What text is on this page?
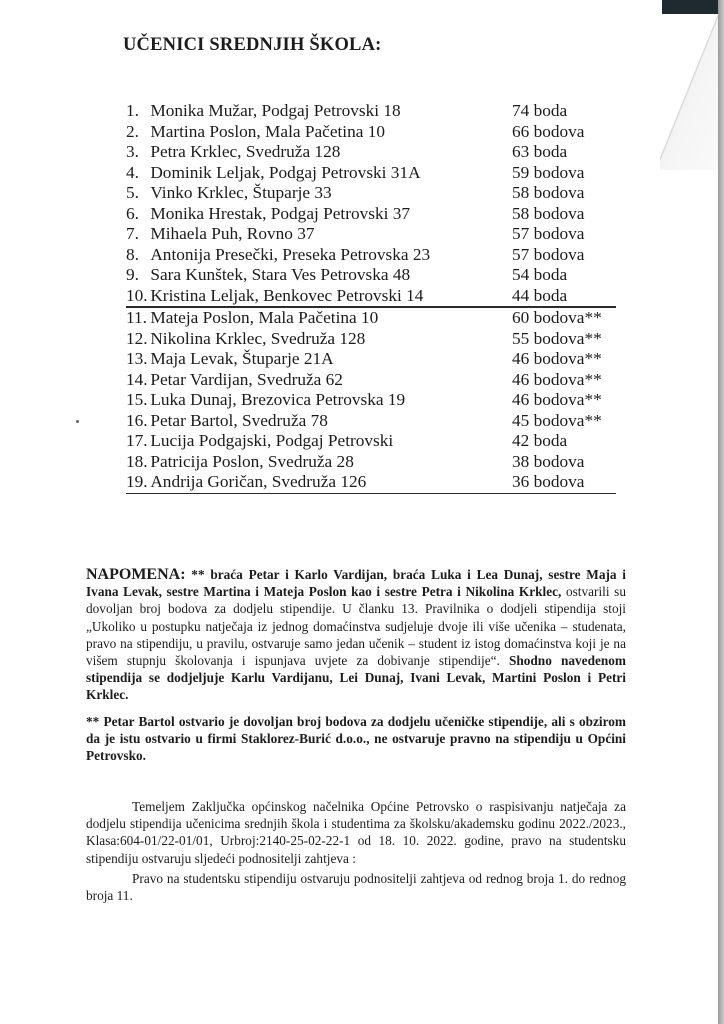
UČENICI SREDNJIH ŠKOLA:
1. Monika Mužar, Podgaj Petrovski 18	74 boda
2. Martina Poslon, Mala Pačetina 10	66 bodova
3. Petra Krklec, Svedruža 128	63 boda
4. Dominik Leljak, Podgaj Petrovski 31A	59 bodova
5. Vinko Krklec, Štuparje 33	58 bodova
6. Monika Hrestak, Podgaj Petrovski 37	58 bodova
7. Mihaela Puh, Rovno 37	57 bodova
8. Antonija Presečki, Preseka Petrovska 23	57 bodova
9. Sara Kunštek, Stara Ves Petrovska 48	54 boda
10. Kristina Leljak, Benkovec Petrovski 14	44 boda
11. Mateja Poslon, Mala Pačetina 10	60 bodova**
12. Nikolina Krklec, Svedruža 128	55 bodova**
13. Maja Levak, Štuparje 21A	46 bodova**
14. Petar Vardijan, Svedruža 62	46 bodova**
15. Luka Dunaj, Brezovica Petrovska 19	46 bodova**
16. Petar Bartol, Svedruža 78	45 bodova**
17. Lucija Podgajski, Podgaj Petrovski	42 boda
18. Patricija Poslon, Svedruža 28	38 bodova
19. Andrija Goričan, Svedruža 126	36 bodova
NAPOMENA: ** braća Petar i Karlo Vardijan, braća Luka i Lea Dunaj, sestre Maja i Ivana Levak, sestre Martina i Mateja Poslon kao i sestre Petra i Nikolina Krklec, ostvarili su dovoljan broj bodova za dodjelu stipendije. U članku 13. Pravilnika o dodjeli stipendija stoji „Ukoliko u postupku natječaja iz jednog domaćinstva sudjeluje dvoje ili više učenika – studenata, pravo na stipendiju, u pravilu, ostvaruje samo jedan učenik – student iz istog domaćinstva koji je na višem stupnju školovanja i ispunjava uvjete za dobivanje stipendije“. Shodno navedenom stipendija se dodjeljuje Karlu Vardijanu, Lei Dunaj, Ivani Levak, Martini Poslon i Petri Krklec.
** Petar Bartol ostvario je dovoljan broj bodova za dodjelu učeničke stipendije, ali s obzirom da je istu ostvario u firmi Staklorez-Burić d.o.o., ne ostvaruje pravno na stipendiju u Općini Petrovsko.
Temeljem Zaključka općinskog načelnika Općine Petrovsko o raspisivanju natječaja za dodjelu stipendija učenicima srednjih škola i studentima za školsku/akademsku godinu 2022./2023., Klasa:604-01/22-01/01, Urbroj:2140-25-02-22-1 od 18. 10. 2022. godine, pravo na studentsku stipendiju ostvaruju sljedeći podnositelji zahtjeva :
Pravo na studentsku stipendiju ostvaruju podnositelji zahtjeva od rednog broja 1. do rednog broja 11.
